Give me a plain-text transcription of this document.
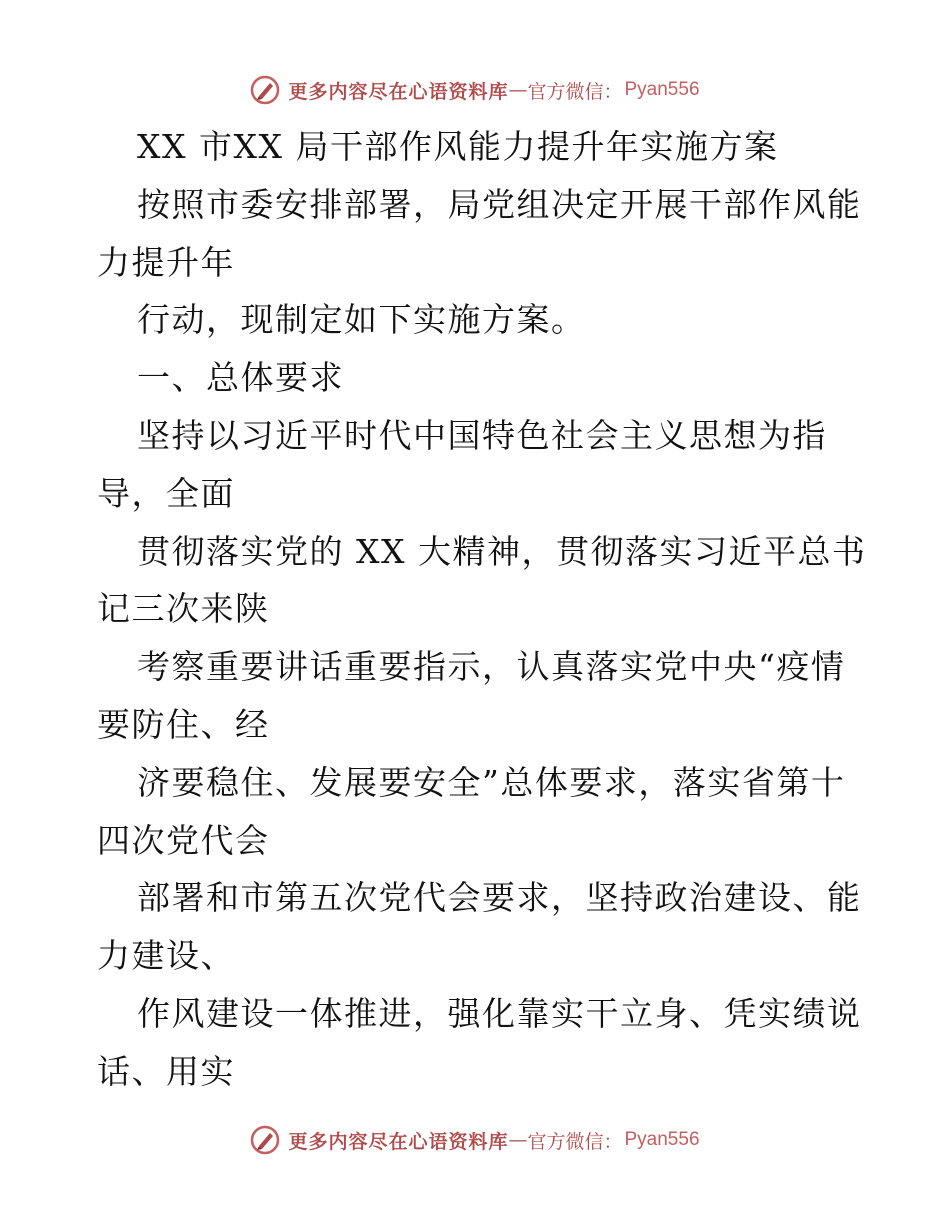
更多内容尽在心语资料库 — 官方微信： Pyan556
XX 市XX 局干部作风能力提升年实施方案
按照市委安排部署，局党组决定开展干部作风能
力提升年
行动，现制定如下实施方案。
一、总体要求
坚持以习近平时代中国特色社会主义思想为指
导，全面
贯彻落实党的 XX 大精神，贯彻落实习近平总书
记三次来陕
考察重要讲话重要指示，认真落实党中央“疫情
要防住、经
济要稳住、发展要安全”总体要求，落实省第十
四次党代会
部署和市第五次党代会要求，坚持政治建设、能
力建设、
作风建设一体推进，强化靠实干立身、凭实绩说
话、用实
更多内容尽在心语资料库 — 官方微信： Pyan556
